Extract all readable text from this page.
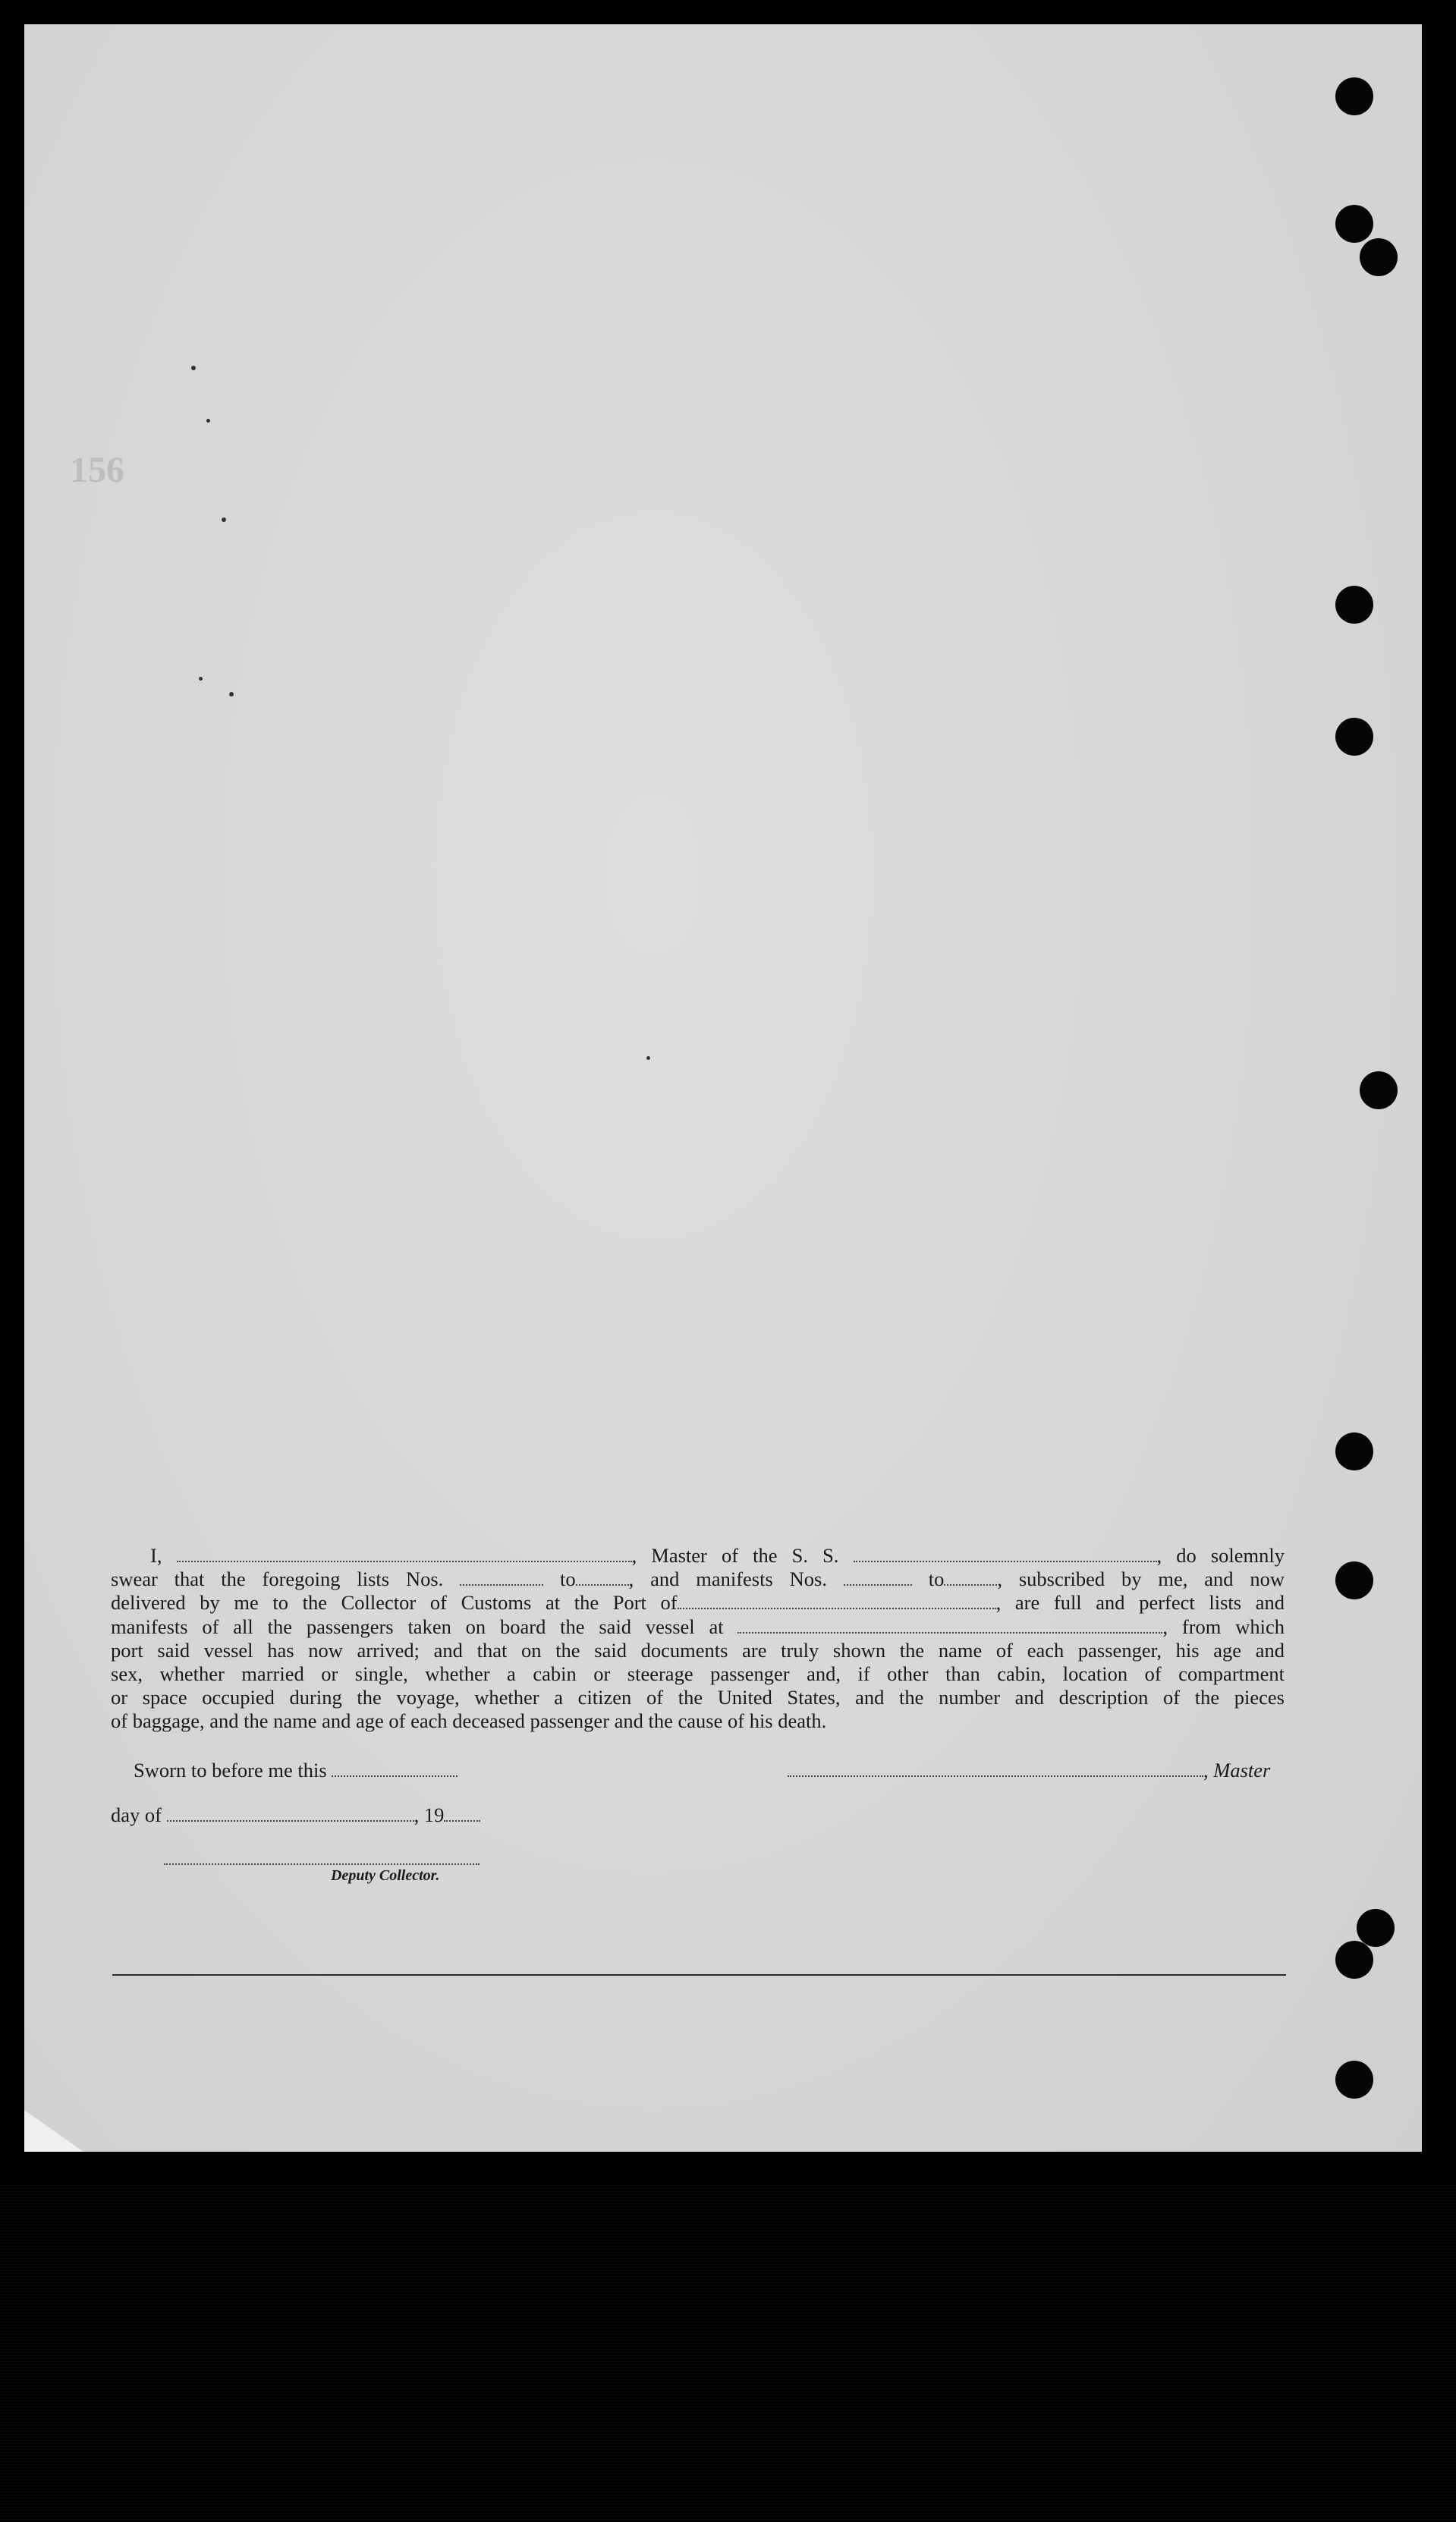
156
I,	, Master of the S. S.	, do solemnly
swear that the foregoing lists Nos.	to	, and manifests Nos.	to	, subscribed by me, and now
delivered by me to the Collector of Customs at the Port of	, are full and perfect lists and
manifests of all the passengers taken on board the said vessel at	, from which
port said vessel has now arrived; and that on the said documents are truly shown the name of each passenger, his age and
sex, whether married or single, whether a cabin or steerage passenger and, if other than cabin, location of compartment
or space occupied during the voyage, whether a citizen of the United States, and the number and description of the pieces
of baggage, and the name and age of each deceased passenger and the cause of his death.
Sworn to before me this	, Master
day of	, 19
Deputy Collector.
